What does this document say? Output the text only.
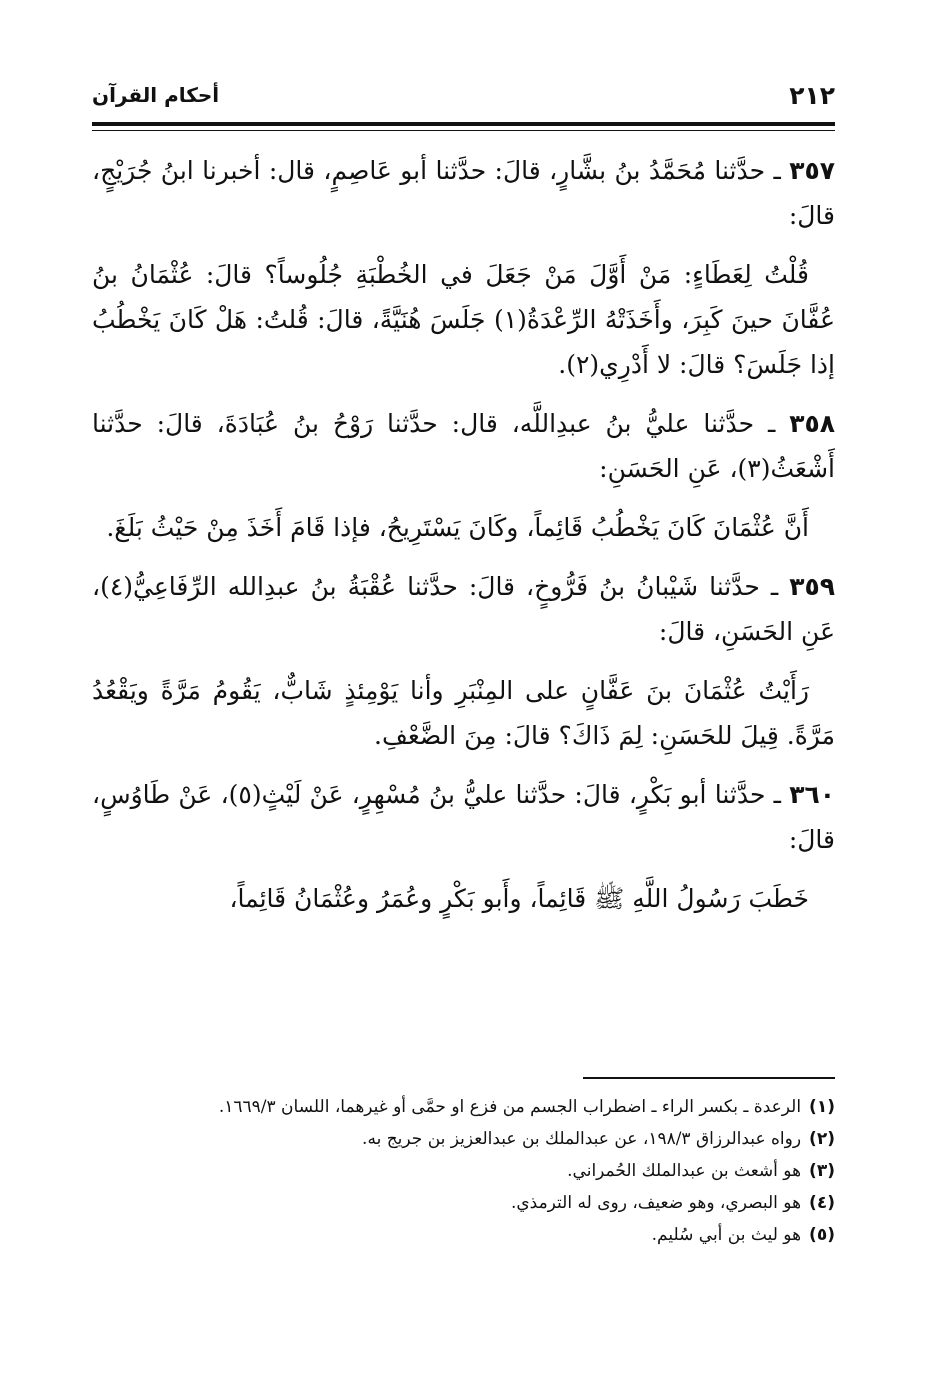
٢١٢
أحكام القرآن

٣٥٧ ـ حدَّثنا مُحَمَّدُ بنُ بشَّارٍ، قالَ: حدَّثنا أبو عَاصِمٍ، قال: أخبرنا ابنُ جُرَيْجٍ، قالَ:

قُلْتُ لِعَطَاءٍ: مَنْ أَوَّلَ مَنْ جَعَلَ في الخُطْبَةِ جُلُوساً؟ قالَ: عُثْمَانُ بنُ عُفَّانَ حينَ كَبِرَ، وأَخَذَتْهُ الرِّعْدَةُ(١) جَلَسَ هُنَيَّةً، قالَ: قُلتُ: هَلْ كَانَ يَخْطُبُ إذا جَلَسَ؟ قالَ: لا أَدْرِي(٢).

٣٥٨ ـ حدَّثنا عليُّ بنُ عبدِاللَّه، قال: حدَّثنا رَوْحُ بنُ عُبَادَةَ، قالَ: حدَّثنا أَشْعَثُ(٣)، عَنِ الحَسَنِ:

أَنَّ عُثْمَانَ كَانَ يَخْطُبُ قَائِماً، وكَانَ يَسْتَرِيحُ، فإذا قَامَ أَخَذَ مِنْ حَيْثُ بَلَغَ.

٣٥٩ ـ حدَّثنا شَيْبانُ بنُ فَرُّوخٍ، قالَ: حدَّثنا عُقْبَةُ بنُ عبدِالله الرِّفَاعِيُّ(٤)، عَنِ الحَسَنِ، قالَ:

رَأَيْتُ عُثْمَانَ بنَ عَفَّانٍ على المِنْبَرِ وأنا يَوْمِئذٍ شَابٌّ، يَقُومُ مَرَّةً ويَقْعُدُ مَرَّةً. قِيلَ للحَسَنِ: لِمَ ذَاكَ؟ قالَ: مِنَ الضَّعْفِ.

٣٦٠ ـ حدَّثنا أبو بَكْرٍ، قالَ: حدَّثنا عليُّ بنُ مُسْهِرٍ، عَنْ لَيْثٍ(٥)، عَنْ طَاوُسٍ، قالَ:

خَطَبَ رَسُولُ اللَّهِ ﷺ قَائِماً، وأَبو بَكْرٍ وعُمَرُ وعُثْمَانُ قَائِماً،

(١)
الرعدة ـ بكسر الراء ـ اضطراب الجسم من فزع او حمَّى أو غيرهما، اللسان ١٦٦٩/٣.
(٢)
رواه عبدالرزاق ١٩٨/٣، عن عبدالملك بن عبدالعزيز بن جريج به.
(٣)
هو أشعث بن عبدالملك الحُمراني.
(٤)
هو البصري، وهو ضعيف، روى له الترمذي.
(٥)
هو ليث بن أبي سُليم.
